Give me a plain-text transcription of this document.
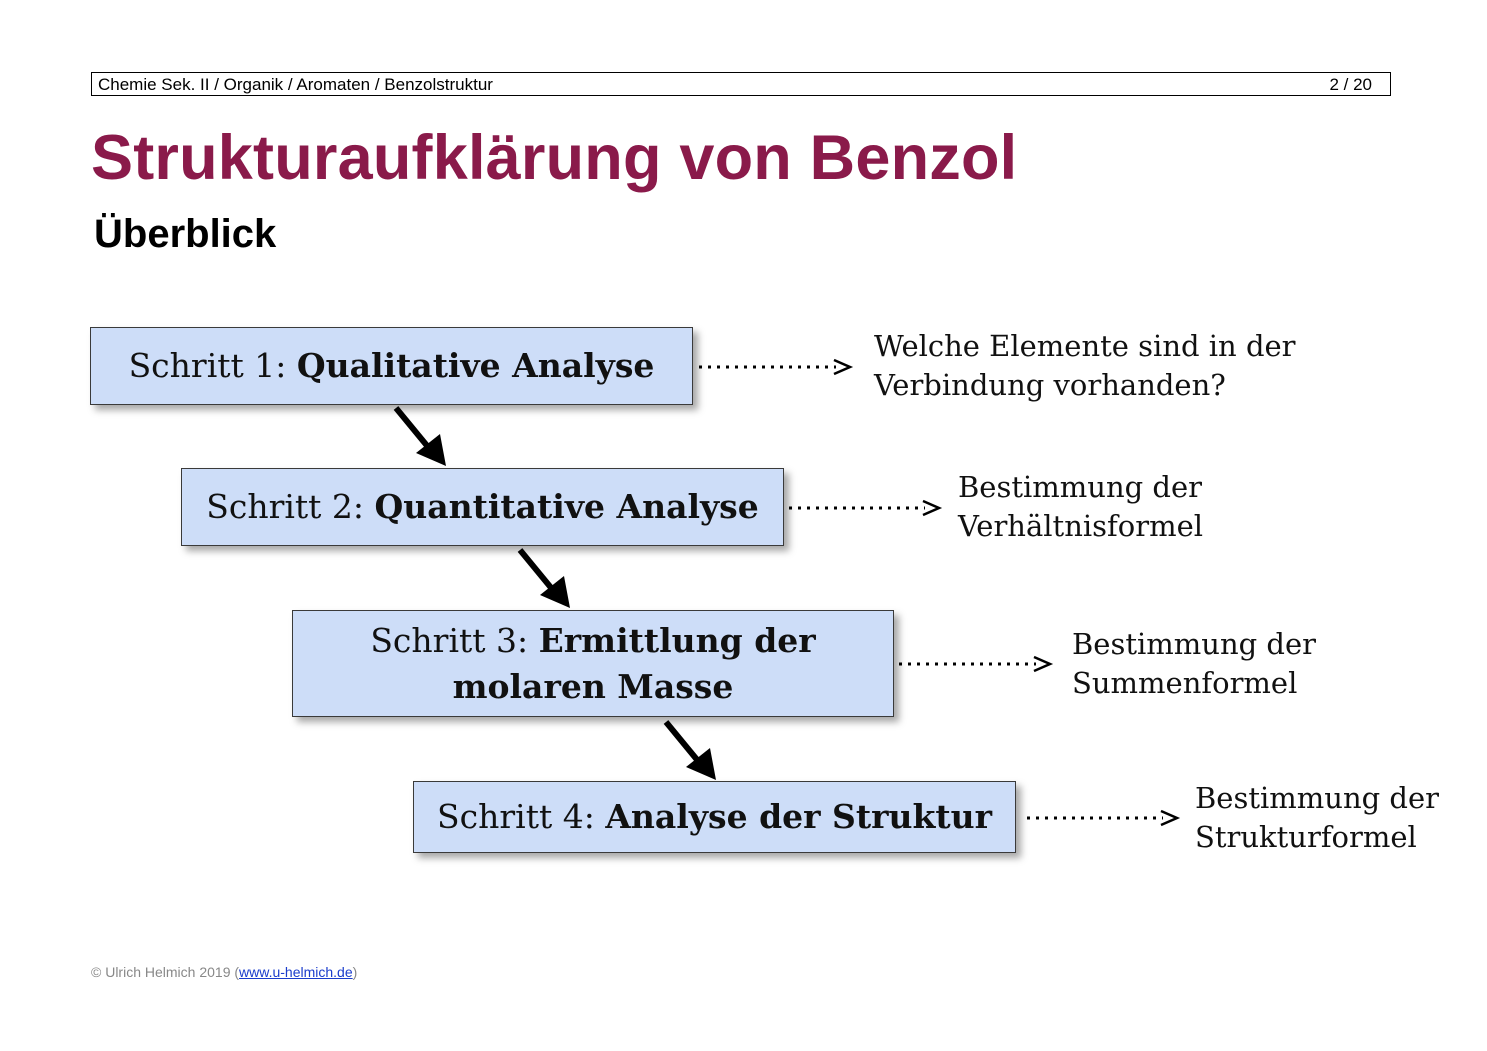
Chemie Sek. II / Organik / Aromaten / Benzolstruktur	2 / 20
Strukturaufklärung von Benzol
Überblick
Schritt 1: Qualitative Analyse
Schritt 2: Quantitative Analyse
Schritt 3: Ermittlung der
molaren Masse
Schritt 4: Analyse der Struktur
Welche Elemente sind in der
Verbindung vorhanden?
Bestimmung der
Verhältnisformel
Bestimmung der
Summenformel
Bestimmung der
Strukturformel
© Ulrich Helmich 2019 (www.u-helmich.de)
